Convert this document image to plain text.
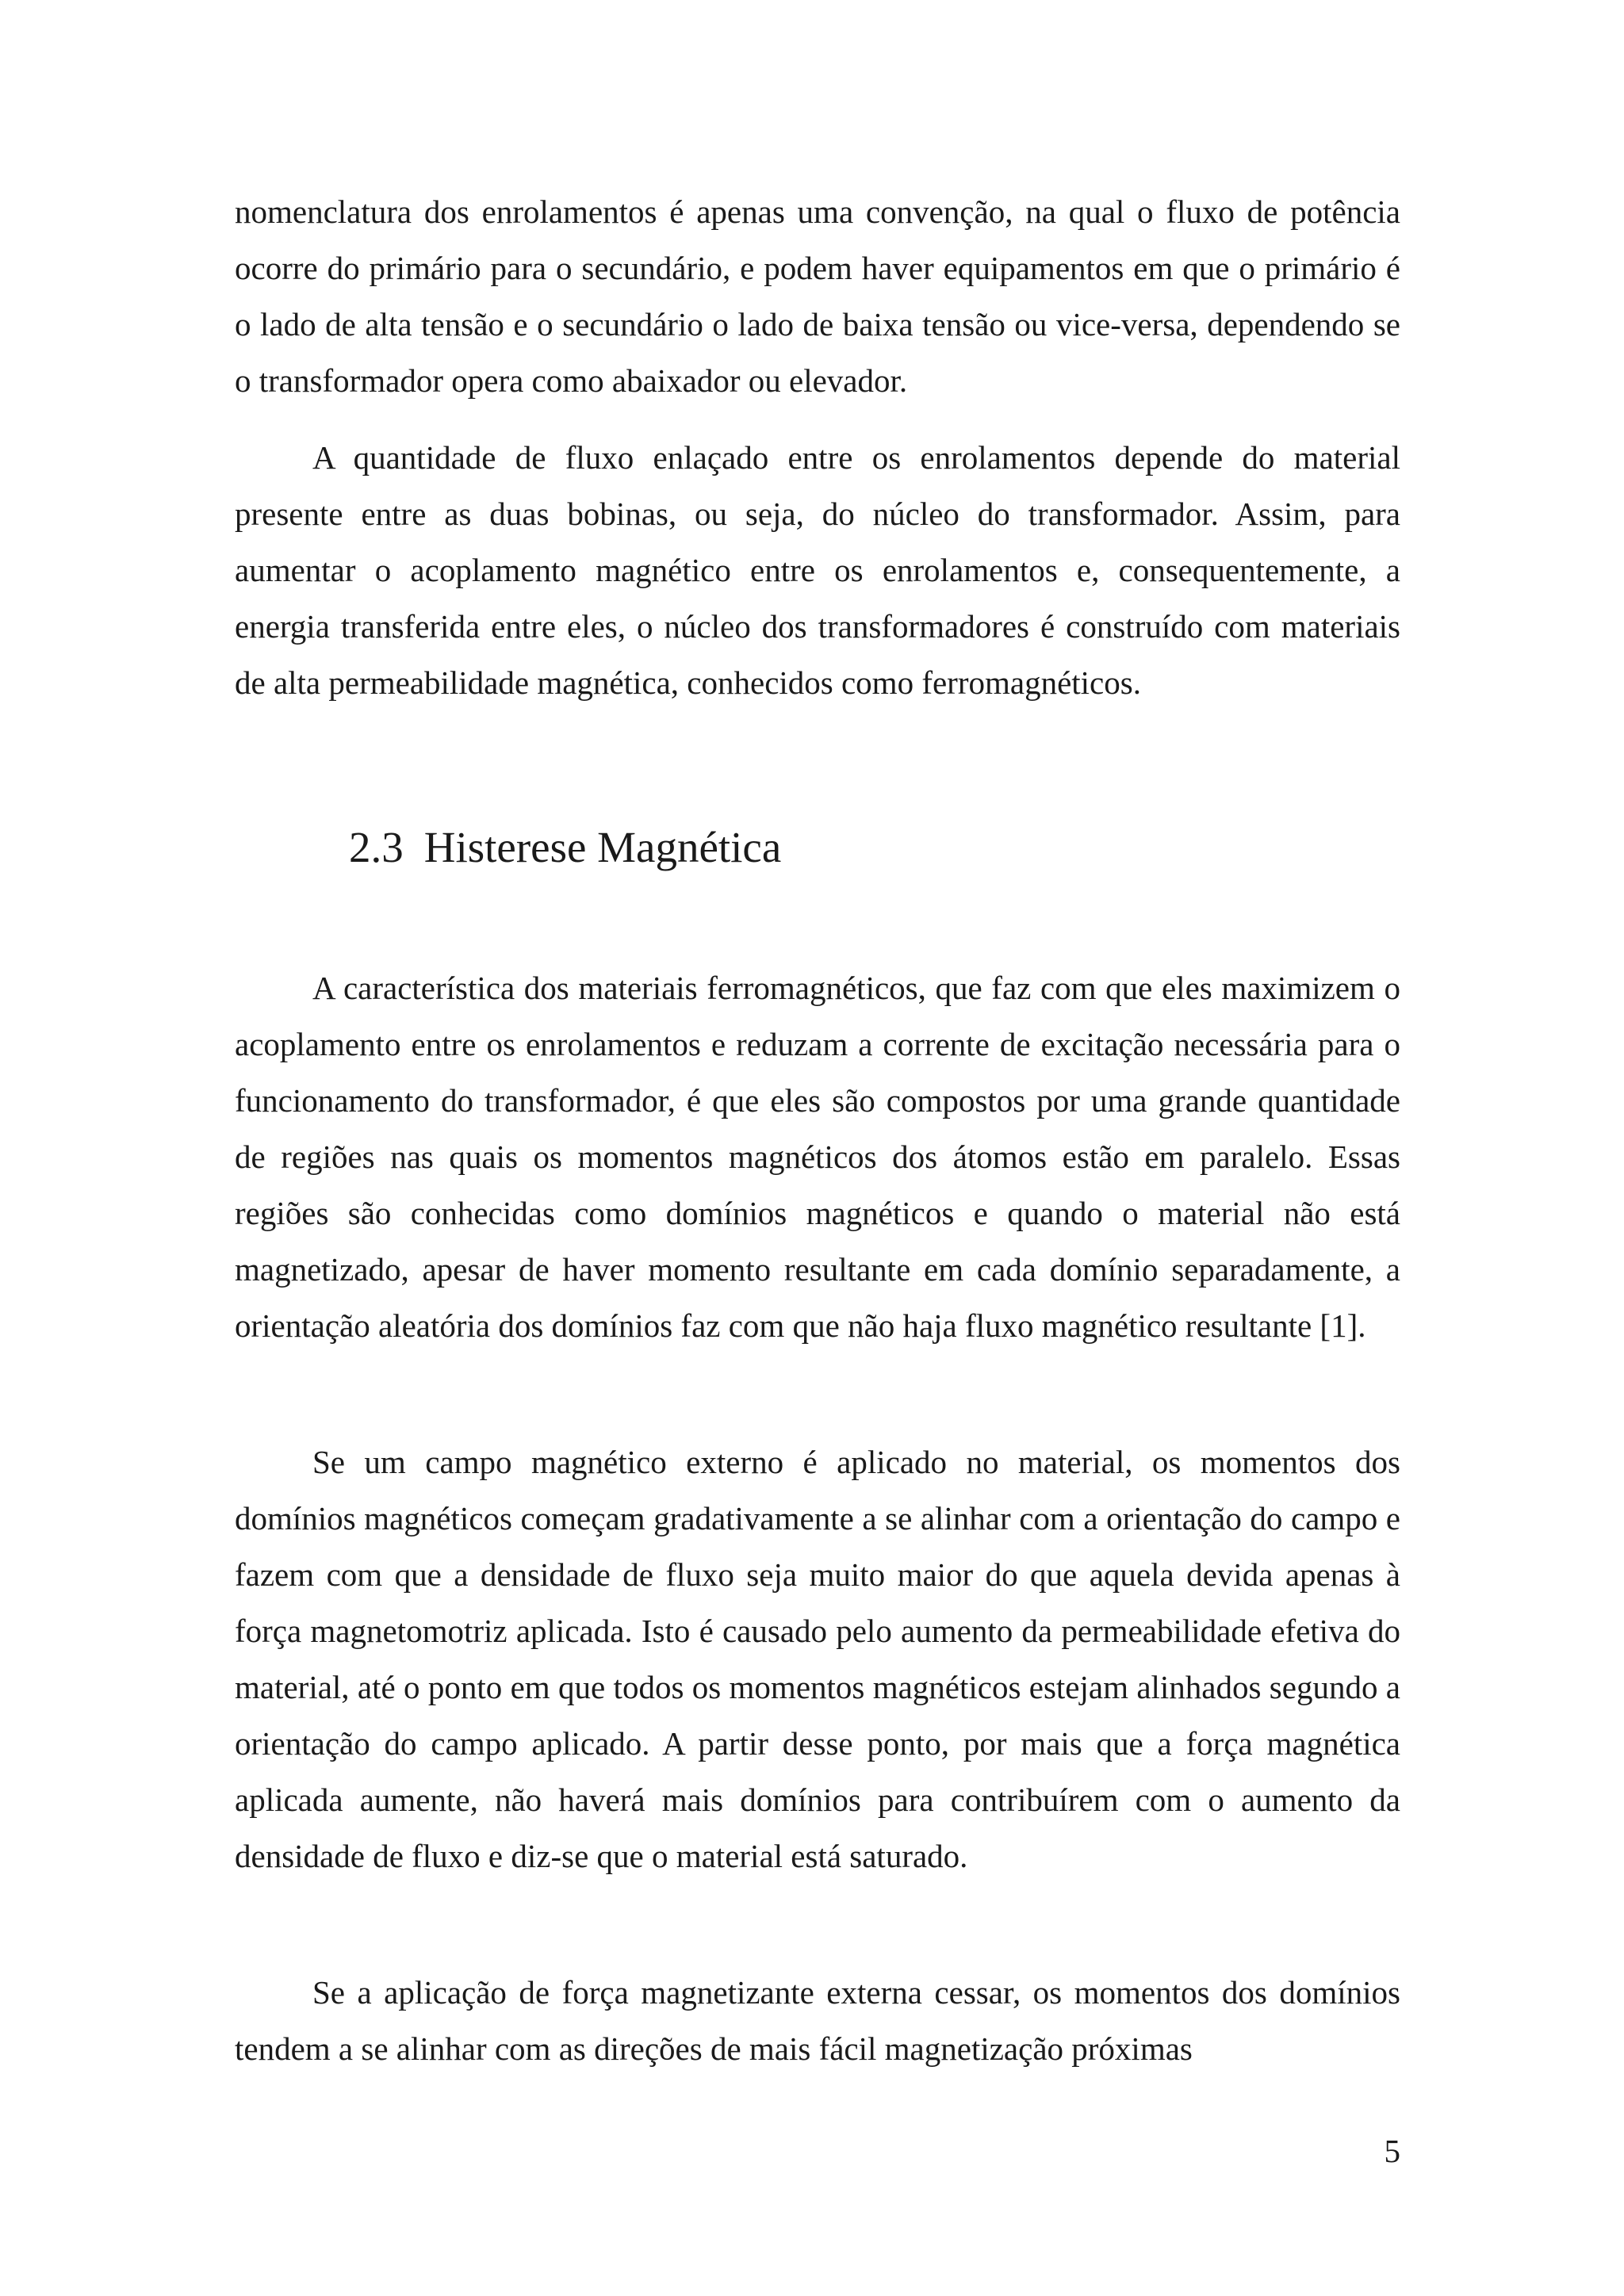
nomenclatura dos enrolamentos é apenas uma convenção, na qual o fluxo de potência ocorre do primário para o secundário, e podem haver equipamentos em que o primário é o lado de alta tensão e o secundário o lado de baixa tensão ou vice-versa, dependendo se o transformador opera como abaixador ou elevador.

A quantidade de fluxo enlaçado entre os enrolamentos depende do material presente entre as duas bobinas, ou seja, do núcleo do transformador. Assim, para aumentar o acoplamento magnético entre os enrolamentos e, consequentemente, a energia transferida entre eles, o núcleo dos transformadores é construído com materiais de alta permeabilidade magnética, conhecidos como ferromagnéticos.

2.3 Histerese Magnética

A característica dos materiais ferromagnéticos, que faz com que eles maximizem o acoplamento entre os enrolamentos e reduzam a corrente de excitação necessária para o funcionamento do transformador, é que eles são compostos por uma grande quantidade de regiões nas quais os momentos magnéticos dos átomos estão em paralelo. Essas regiões são conhecidas como domínios magnéticos e quando o material não está magnetizado, apesar de haver momento resultante em cada domínio separadamente, a orientação aleatória dos domínios faz com que não haja fluxo magnético resultante [1].

Se um campo magnético externo é aplicado no material, os momentos dos domínios magnéticos começam gradativamente a se alinhar com a orientação do campo e fazem com que a densidade de fluxo seja muito maior do que aquela devida apenas à força magnetomotriz aplicada. Isto é causado pelo aumento da permeabilidade efetiva do material, até o ponto em que todos os momentos magnéticos estejam alinhados segundo a orientação do campo aplicado. A partir desse ponto, por mais que a força magnética aplicada aumente, não haverá mais domínios para contribuírem com o aumento da densidade de fluxo e diz-se que o material está saturado.

Se a aplicação de força magnetizante externa cessar, os momentos dos domínios tendem a se alinhar com as direções de mais fácil magnetização próximas

5
